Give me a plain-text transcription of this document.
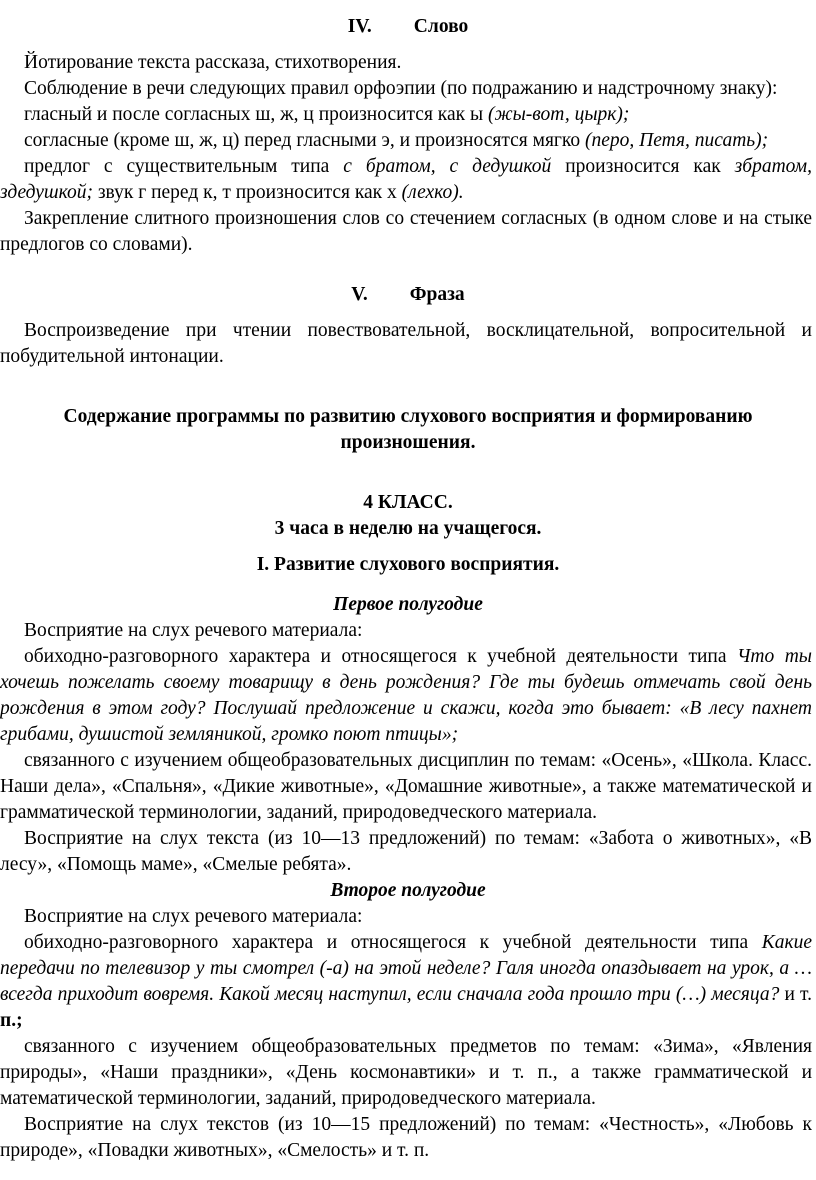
IV. Слово

Йотирование текста рассказа, стихотворения.

Соблюдение в речи следующих правил орфоэпии (по подражанию и надстрочному знаку):

гласный и после согласных ш, ж, ц произносится как ы (жы-вот, цырк);

согласные (кроме ш, ж, ц) перед гласными э, и произносятся мягко (перо, Петя, писать);

предлог с существительным типа с братом, с дедушкой произносится как збратом, здедушкой; звук г перед к, т произносится как х (лехко).

Закрепление слитного произношения слов со стечением согласных (в одном слове и на стыке предлогов со словами).

V. Фраза

Воспроизведение при чтении повествовательной, восклицательной, вопросительной и побудительной интонации.

Содержание программы по развитию слухового восприятия и формированию произношения.
4 КЛАСС.
3 часа в неделю на учащегося.
I. Развитие слухового восприятия.
Первое полугодие

Восприятие на слух речевого материала:

обиходно-разговорного характера и относящегося к учебной деятельности типа Что ты хочешь пожелать своему товарищу в день рождения? Где ты будешь отмечать свой день рождения в этом году? Послушай предложение и скажи, когда это бывает: «В лесу пахнет грибами, душистой земляникой, громко поют птицы»;

связанного с изучением общеобразовательных дисциплин по темам: «Осень», «Школа. Класс. Наши дела», «Спальня», «Дикие животные», «Домашние животные», а также математической и грамматической терминологии, заданий, природоведческого материала.

Восприятие на слух текста (из 10—13 предложений) по темам: «Забота о животных», «В лесу», «Помощь маме», «Смелые ребята».

Второе полугодие

Восприятие на слух речевого материала:

обиходно-разговорного характера и относящегося к учебной деятельности типа Какие передачи по телевизор у ты смотрел (-а) на этой неделе? Галя иногда опаздывает на урок, а … всегда приходит вовремя. Какой месяц наступил, если сначала года прошло три (…) месяца? и т. п.;

связанного с изучением общеобразовательных предметов по темам: «Зима», «Явления природы», «Наши праздники», «День космонавтики» и т. п., а также грамматической и математической терминологии, заданий, природоведческого материала.

Восприятие на слух текстов (из 10—15 предложений) по темам: «Честность», «Любовь к природе», «Повадки животных», «Смелость» и т. п.
